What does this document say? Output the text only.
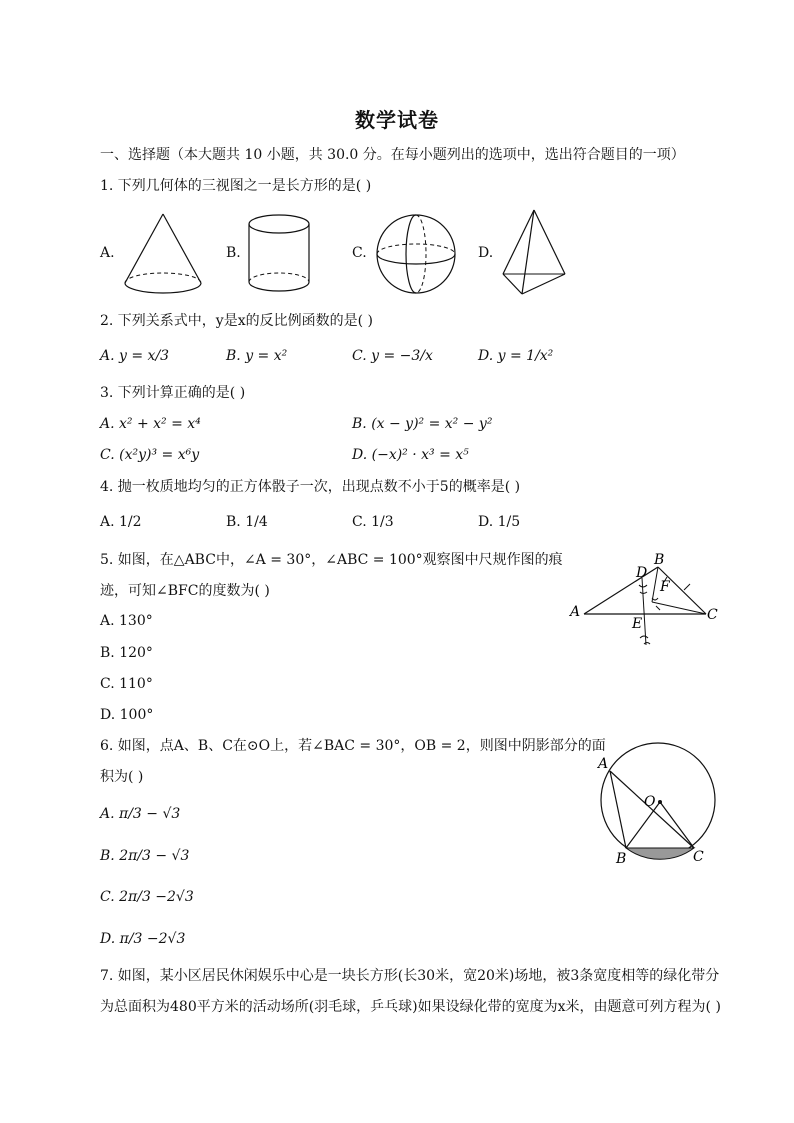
数学试卷
一、选择题（本大题共 10 小题，共 30.0 分。在每小题列出的选项中，选出符合题目的一项）
1. 下列几何体的三视图之一是长方形的是( )
A.	B.	C.	D.
2. 下列关系式中，y是x的反比例函数的是( )
A. y = x/3	B. y = x²	C. y = −3/x	D. y = 1/x²
3. 下列计算正确的是( )
A. x² + x² = x⁴	B. (x − y)² = x² − y²
C. (x²y)³ = x⁶y	D. (−x)² · x³ = x⁵
4. 抛一枚质地均匀的正方体骰子一次，出现点数不小于5的概率是( )
A. 1/2	B. 1/4	C. 1/3	D. 1/5
5. 如图，在△ABC中，∠A = 30°，∠ABC = 100°观察图中尺规作图的痕
迹，可知∠BFC的度数为( )
A. 130°
B. 120°
C. 110°
D. 100°
A
B
C
D
E
F
6. 如图，点A、B、C在⊙O上，若∠BAC = 30°，OB = 2，则图中阴影部分的面
积为( )
A. π/3 − √3
B. 2π/3 − √3
C. 2π/3 −2√3
D. π/3 −2√3
A
O
B	C
7. 如图，某小区居民休闲娱乐中心是一块长方形(长30米，宽20米)场地，被3条宽度相等的绿化带分
为总面积为480平方米的活动场所(羽毛球，乒乓球)如果设绿化带的宽度为x米，由题意可列方程为( )
